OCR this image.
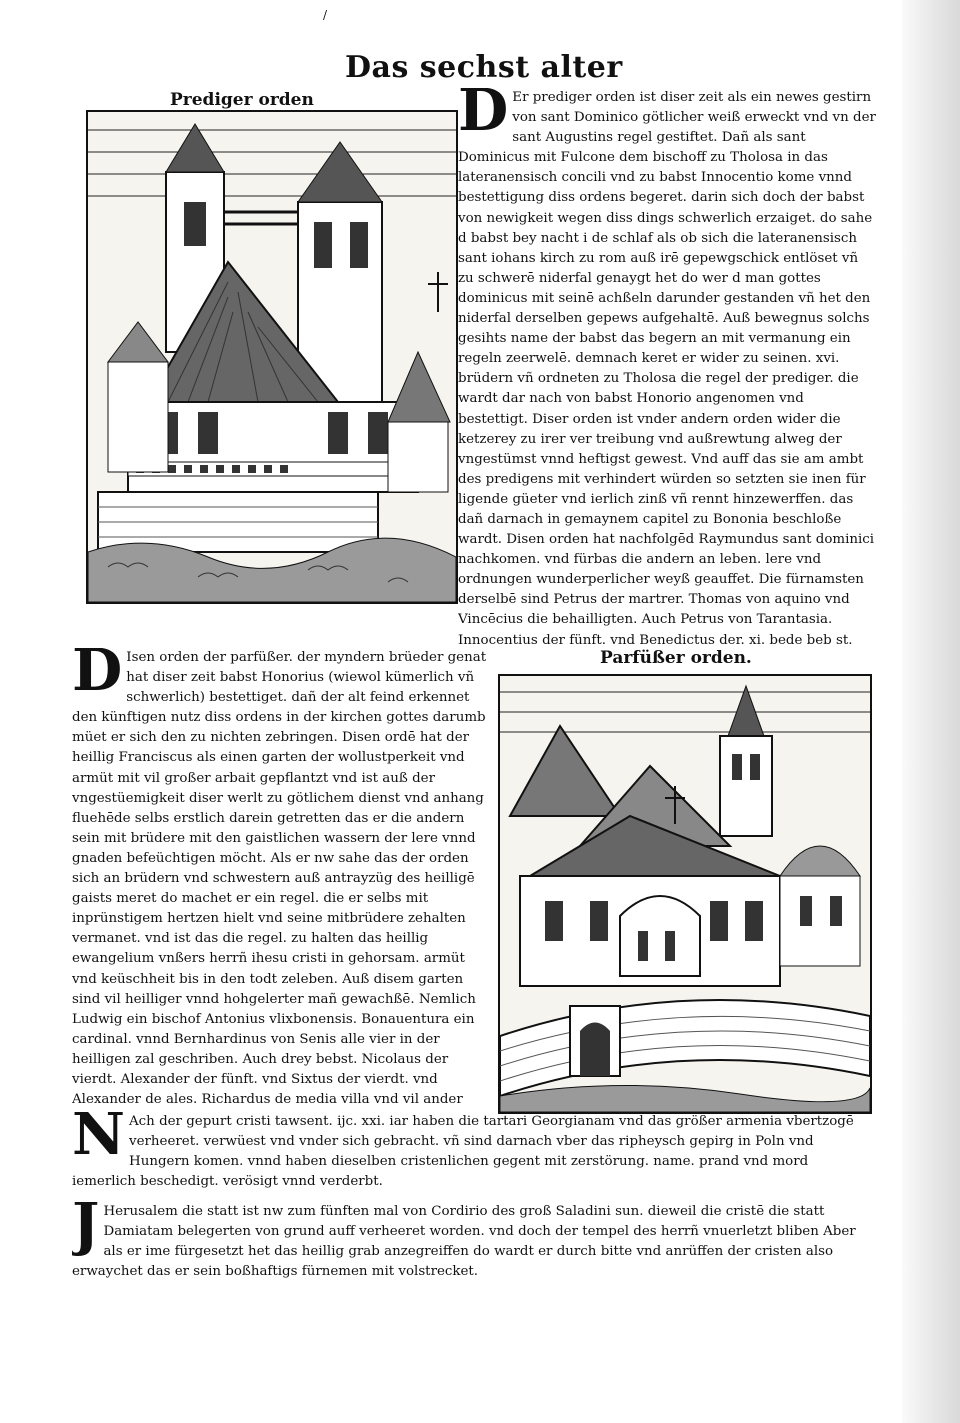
/
Das sechst alter
Prediger orden
Parfüßer orden.
D Er prediger orden ist diser zeit als ein newes gestirn von sant Dominico götlicher weiß erweckt vnd vn der sant Augustins regel gestiftet. Dañ als sant Dominicus mit Fulcone dem bischoff zu Tholosa in das lateranensisch concili vnd zu babst Innocentio kome vnnd bestettigung diss ordens begeret. darin sich doch der babst von newigkeit wegen diss dings schwerlich erzaiget. do sahe d babst bey nacht i de schlaf als ob sich die lateranensisch sant iohans kirch zu rom auß irē gepewgschick entlöset vñ zu schwerē niderfal genaygt het do wer d man gottes dominicus mit seinē achßeln darunder gestanden vñ het den niderfal derselben gepews aufgehaltē. Auß bewegnus solchs gesihts name der babst das begern an mit vermanung ein regeln zeerwelē. demnach keret er wider zu seinen. xvi. brüdern vñ ordneten zu Tholosa die regel der prediger. die wardt dar nach von babst Honorio angenomen vnd bestettigt. Diser orden ist vnder andern orden wider die ketzerey zu irer ver treibung vnd außrewtung alweg der vngestümst vnnd heftigst gewest. Vnd auff das sie am ambt des predigens mit verhindert würden so setzten sie inen für ligende güeter vnd ierlich zinß vñ rennt hinzewerffen. das dañ darnach in gemaynem capitel zu Bononia beschloße wardt. Disen orden hat nachfolgēd Raymundus sant dominici nachkomen. vnd fürbas die andern an leben. lere vnd ordnungen wunderperlicher weyß geauffet. Die fürnamsten derselbē sind Petrus der martrer. Thomas von aquino vnd Vincēcius die behailligten. Auch Petrus von Tarantasia. Innocentius der fünft. vnd Benedictus der. xi. bede beb st.
D Isen orden der parfüßer. der myndern brüeder genat hat diser zeit babst Honorius (wiewol kümerlich vñ schwerlich) bestettiget. dañ der alt feind erkennet den künftigen nutz diss ordens in der kirchen gottes darumb müet er sich den zu nichten zebringen. Disen ordē hat der heillig Franciscus als einen garten der wollustperkeit vnd armüt mit vil großer arbait gepflantzt vnd ist auß der vngestüemigkeit diser werlt zu götlichem dienst vnd anhang fluehēde selbs erstlich darein getretten das er die andern sein mit brüdere mit den gaistlichen wassern der lere vnnd gnaden befeüchtigen möcht. Als er nw sahe das der orden sich an brüdern vnd schwestern auß antrayzüg des heilligē gaists meret do machet er ein regel. die er selbs mit inprünstigem hertzen hielt vnd seine mitbrüdere zehalten vermanet. vnd ist das die regel. zu halten das heillig ewangelium vnßers herrñ ihesu cristi in gehorsam. armüt vnd keüschheit bis in den todt zeleben. Auß disem garten sind vil heilliger vnnd hohgelerter mañ gewachßē. Nemlich Ludwig ein bischof Antonius vlixbonensis. Bonauentura ein cardinal. vnnd Bernhardinus von Senis alle vier in der heilligen zal geschriben. Auch drey bebst. Nicolaus der vierdt. Alexander der fünft. vnd Sixtus der vierdt. vnd Alexander de ales. Richardus de media villa vnd vil ander
N Ach der gepurt cristi tawsent. ijc. xxi. iar haben die tartari Georgianam vnd das größer armenia vbertzogē verheeret. verwüest vnd vnder sich gebracht. vñ sind darnach vber das ripheysch gepirg in Poln vnd Hungern komen. vnnd haben dieselben cristenlichen gegent mit zerstörung. name. prand vnd mord iemerlich beschedigt. verösigt vnnd verderbt.
J Herusalem die statt ist nw zum fünften mal von Cordirio des groß Saladini sun. dieweil die cristē die statt Damiatam belegerten von grund auff verheeret worden. vnd doch der tempel des herrñ vnuerletzt bliben Aber als er ime fürgesetzt het das heillig grab anzegreiffen do wardt er durch bitte vnd anrüffen der cristen also erwaychet das er sein boßhaftigs fürnemen mit volstrecket.
